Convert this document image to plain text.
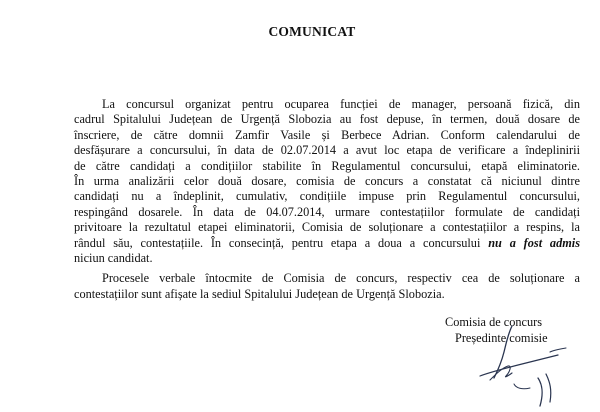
COMUNICAT
La concursul organizat pentru ocuparea funcției de manager, persoană fizică, din
cadrul Spitalului Județean de Urgență Slobozia au fost depuse, în termen, două dosare de
înscriere, de către domnii Zamfir Vasile și Berbece Adrian. Conform calendarului de
desfășurare a concursului, în data de 02.07.2014 a avut loc etapa de verificare a îndeplinirii
de către candidați a condițiilor stabilite în Regulamentul concursului, etapă eliminatorie.
În urma analizării celor două dosare, comisia de concurs a constatat că niciunul dintre
candidați nu a îndeplinit, cumulativ, condițiile impuse prin Regulamentul concursului,
respingând dosarele. În data de 04.07.2014, urmare contestațiilor formulate de candidați
privitoare la rezultatul etapei eliminatorii, Comisia de soluționare a contestațiilor a respins, la
rândul său, contestațiile. În consecință, pentru etapa a doua a concursului nu a fost admis
niciun candidat.
Procesele verbale întocmite de Comisia de concurs, respectiv cea de soluționare a
contestațiilor sunt afișate la sediul Spitalului Județean de Urgență Slobozia.
Comisia de concurs
Președinte comisie
